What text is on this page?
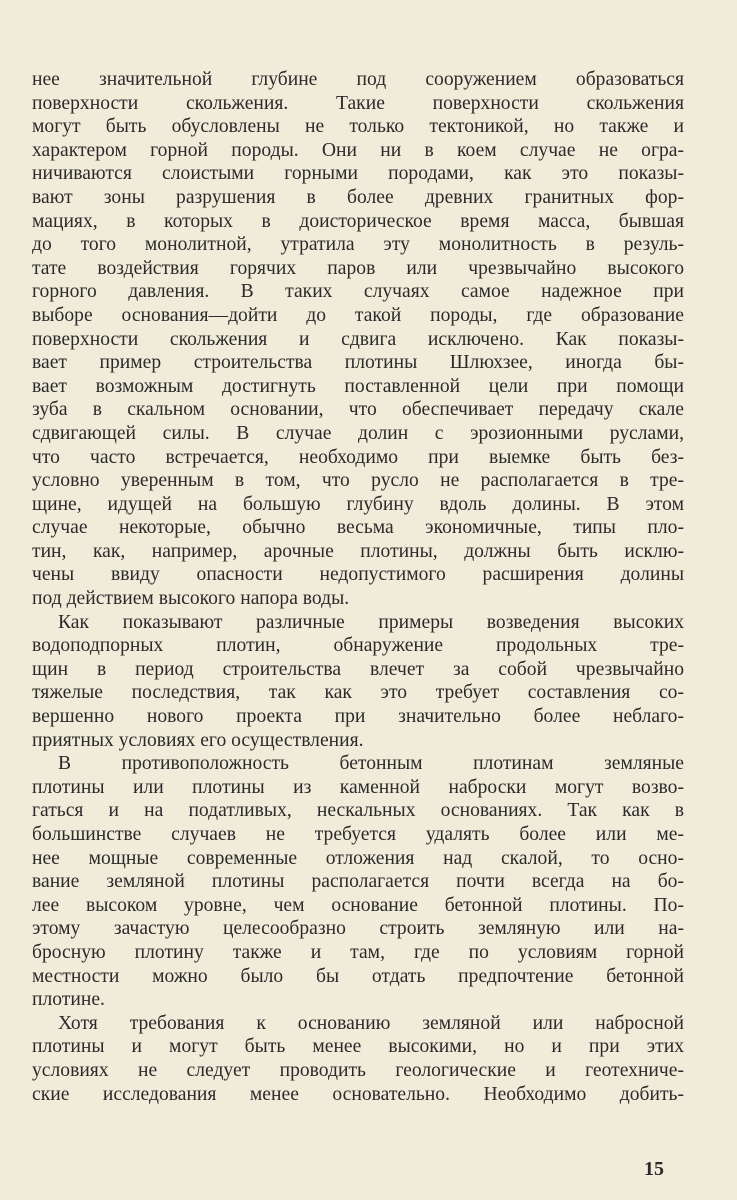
нее значительной глубине под сооружением образоваться
поверхности скольжения. Такие поверхности скольжения
могут быть обусловлены не только тектоникой, но также и
характером горной породы. Они ни в коем случае не огра-
ничиваются слоистыми горными породами, как это показы-
вают зоны разрушения в более древних гранитных фор-
мациях, в которых в доисторическое время масса, бывшая
до того монолитной, утратила эту монолитность в резуль-
тате воздействия горячих паров или чрезвычайно высокого
горного давления. В таких случаях самое надежное при
выборе основания—дойти до такой породы, где образование
поверхности скольжения и сдвига исключено. Как показы-
вает пример строительства плотины Шлюхзее, иногда бы-
вает возможным достигнуть поставленной цели при помощи
зуба в скальном основании, что обеспечивает передачу скале
сдвигающей силы. В случае долин с эрозионными руслами,
что часто встречается, необходимо при выемке быть без-
условно уверенным в том, что русло не располагается в тре-
щине, идущей на большую глубину вдоль долины. В этом
случае некоторые, обычно весьма экономичные, типы пло-
тин, как, например, арочные плотины, должны быть исклю-
чены ввиду опасности недопустимого расширения долины
под действием высокого напора воды.
Как показывают различные примеры возведения высоких
водоподпорных плотин, обнаружение продольных тре-
щин в период строительства влечет за собой чрезвычайно
тяжелые последствия, так как это требует составления со-
вершенно нового проекта при значительно более неблаго-
приятных условиях его осуществления.
В противоположность бетонным плотинам земляные
плотины или плотины из каменной наброски могут возво-
гаться и на податливых, нескальных основаниях. Так как в
большинстве случаев не требуется удалять более или ме-
нее мощные современные отложения над скалой, то осно-
вание земляной плотины располагается почти всегда на бо-
лее высоком уровне, чем основание бетонной плотины. По-
этому зачастую целесообразно строить земляную или на-
бросную плотину также и там, где по условиям горной
местности можно было бы отдать предпочтение бетонной
плотине.
Хотя требования к основанию земляной или набросной
плотины и могут быть менее высокими, но и при этих
условиях не следует проводить геологические и геотехниче-
ские исследования менее основательно. Необходимо добить-
15
